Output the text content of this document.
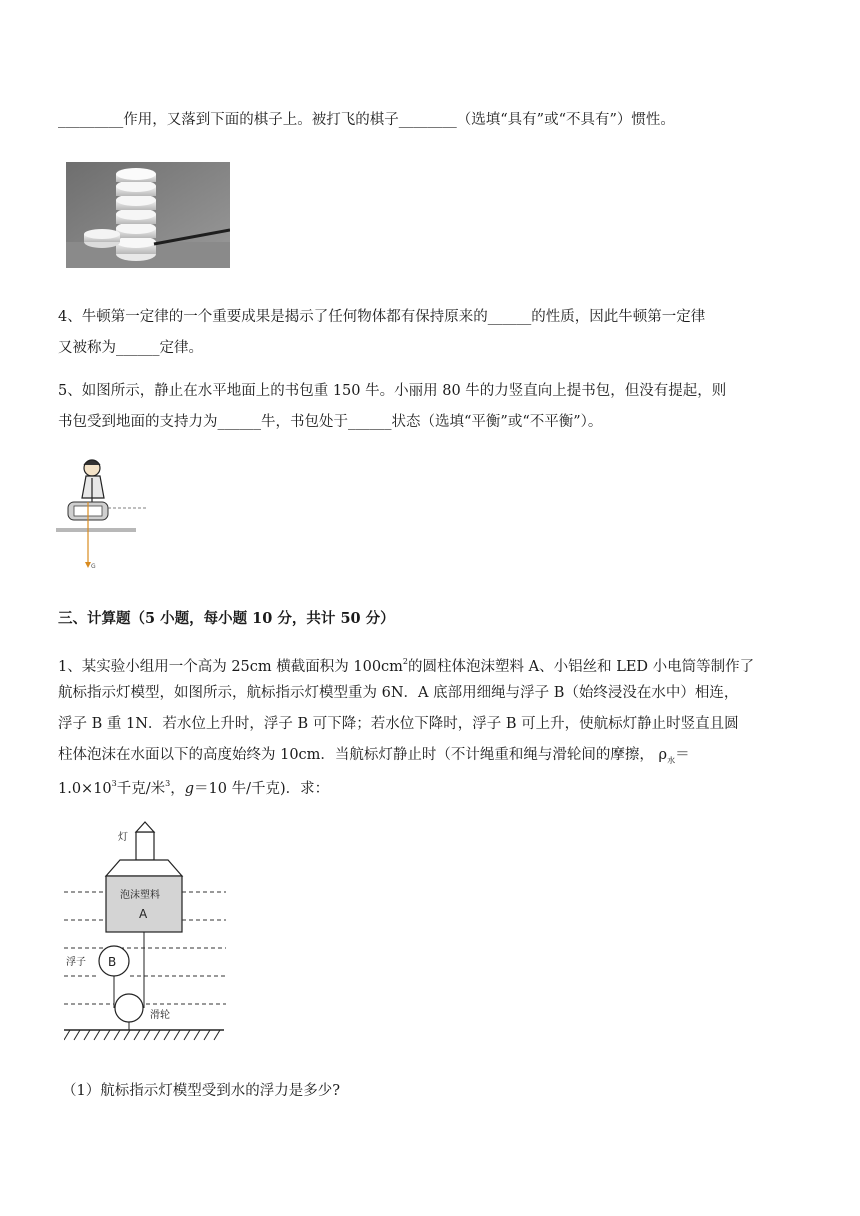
_________作用，又落到下面的棋子上。被打飞的棋子________（选填“具有”或“不具有”）惯性。
4、牛顿第一定律的一个重要成果是揭示了任何物体都有保持原来的______的性质，因此牛顿第一定律
又被称为______定律。
5、如图所示，静止在水平地面上的书包重 150 牛。小丽用 80 牛的力竖直向上提书包，但没有提起，则
书包受到地面的支持力为______牛，书包处于______状态（选填“平衡”或“不平衡”）。
G
三、计算题（5 小题，每小题 10 分，共计 50 分）
1、某实验小组用一个高为 25cm 横截面积为 $100cm^2$的圆柱体泡沫塑料 A、小铝丝和 LED 小电筒等制作了
航标指示灯模型，如图所示，航标指示灯模型重为 6N．A 底部用细绳与浮子 B（始终浸没在水中）相连，
浮子 B 重 1N．若水位上升时，浮子 B 可下降；若水位下降时，浮子 B 可上升，使航标灯静止时竖直且圆
柱体泡沫在水面以下的高度始终为 10cm．当航标灯静止时（不计绳重和绳与滑轮间的摩擦， $\rho_水=$
$1.0\times 10^3$千克/米$^3$，g＝10 牛/千克)．求：
灯
泡沫塑料
A
B
浮子
滑轮
（1）航标指示灯模型受到水的浮力是多少?
